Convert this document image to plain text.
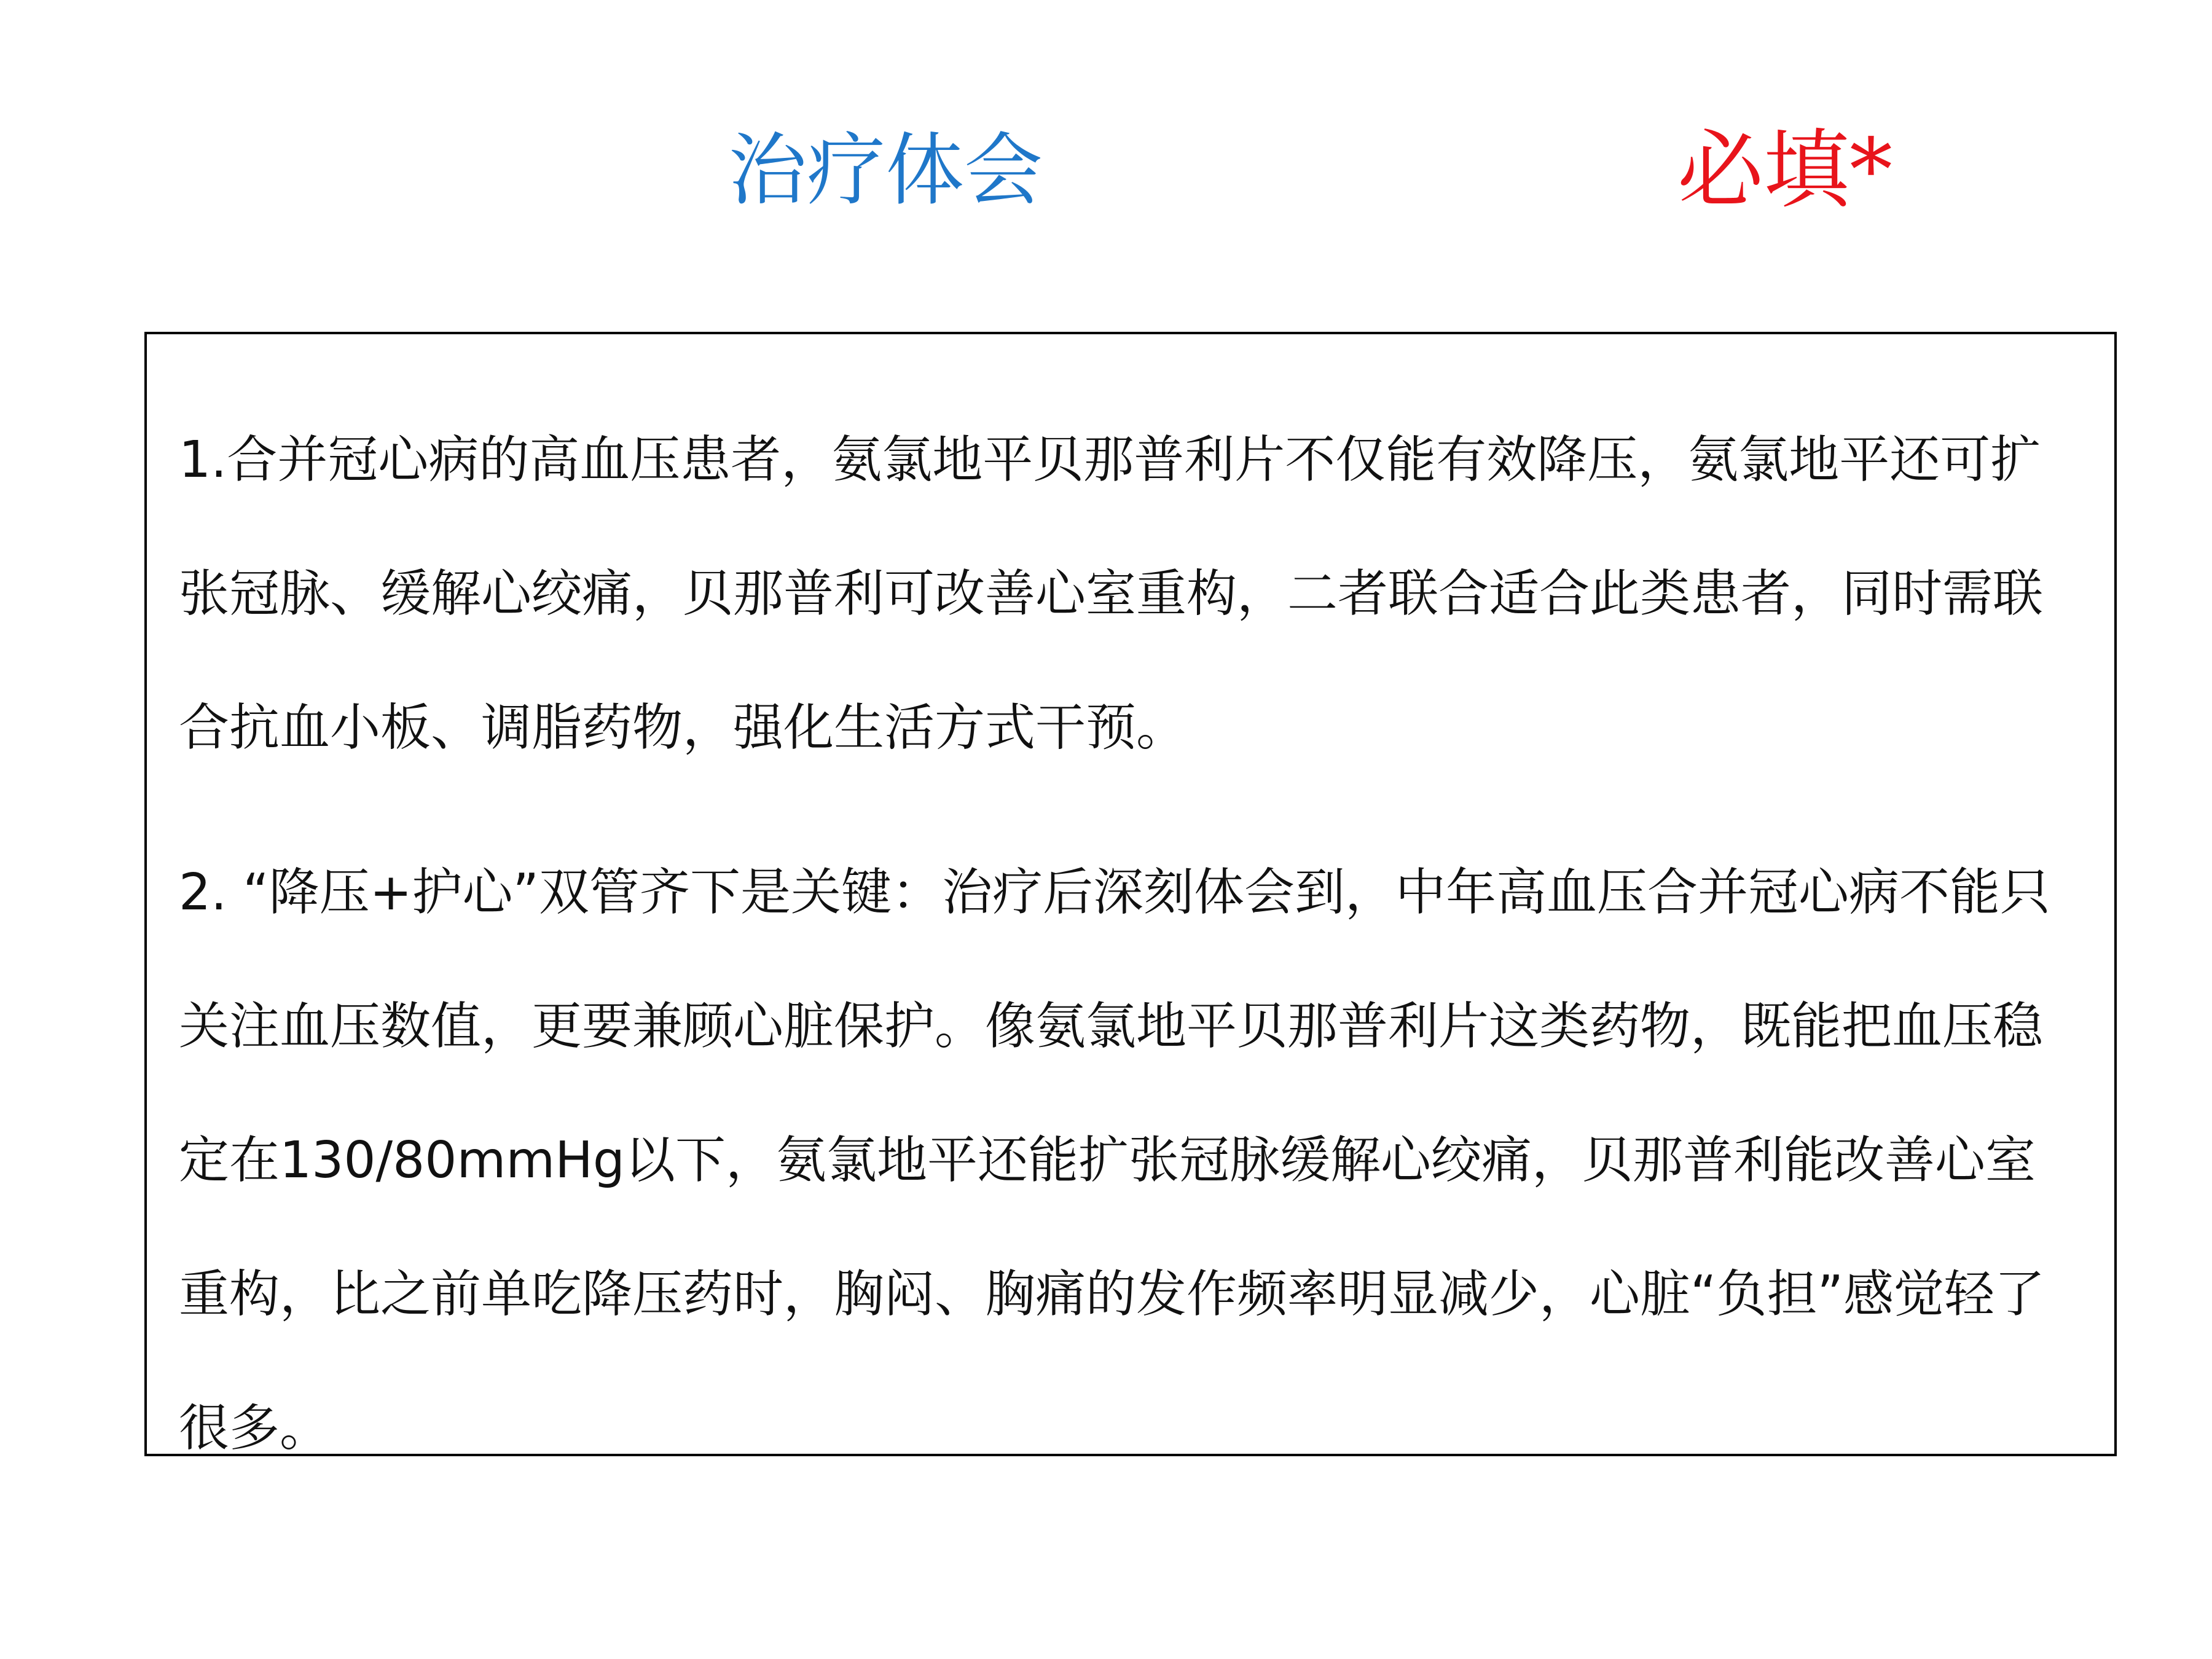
治疗体会	必填*
1.合并冠心病的高血压患者，氨氯地平贝那普利片不仅能有效降压，氨氯地平还可扩张冠脉、缓解心绞痛，贝那普利可改善心室重构，二者联合适合此类患者，同时需联合抗血小板、调脂药物，强化生活方式干预。
2. “降压+护心”双管齐下是关键：治疗后深刻体会到，中年高血压合并冠心病不能只关注血压数值，更要兼顾心脏保护。像氨氯地平贝那普利片这类药物，既能把血压稳定在130/80mmHg以下，氨氯地平还能扩张冠脉缓解心绞痛，贝那普利能改善心室重构，比之前单吃降压药时，胸闷、胸痛的发作频率明显减少，心脏“负担”感觉轻了很多。
